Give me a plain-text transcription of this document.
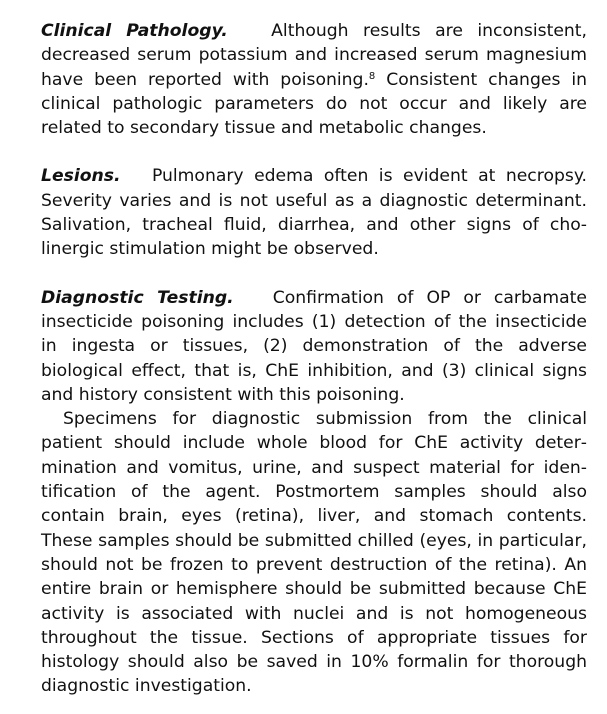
Clinical Pathology.	Although results are inconsistent, decreased serum potassium and increased serum magnesium have been reported with poisoning.$^8$ Consistent changes in clinical pathologic parameters do not occur and likely are related to secondary tissue and metabolic changes.

Lesions. Pulmonary edema often is evident at necropsy. Severity varies and is not useful as a diagnostic determinant. Salivation, tracheal fluid, diarrhea, and other signs of cholinergic stimulation might be observed.

Diagnostic Testing. Confirmation of OP or carbamate insecticide poisoning includes (1) detection of the insecticide in ingesta or tissues, (2) demonstration of the adverse biological effect, that is, ChE inhibition, and (3) clinical signs and history consistent with this poisoning.

Specimens for diagnostic submission from the clinical patient should include whole blood for ChE activity determination and vomitus, urine, and suspect material for identification of the agent. Postmortem samples should also contain brain, eyes (retina), liver, and stomach contents. These samples should be submitted chilled (eyes, in particular, should not be frozen to prevent destruction of the retina). An entire brain or hemisphere should be submitted because ChE activity is associated with nuclei and is not homogeneous throughout the tissue. Sections of appropriate tissues for histology should also be saved in 10% formalin for thorough diagnostic investigation.
